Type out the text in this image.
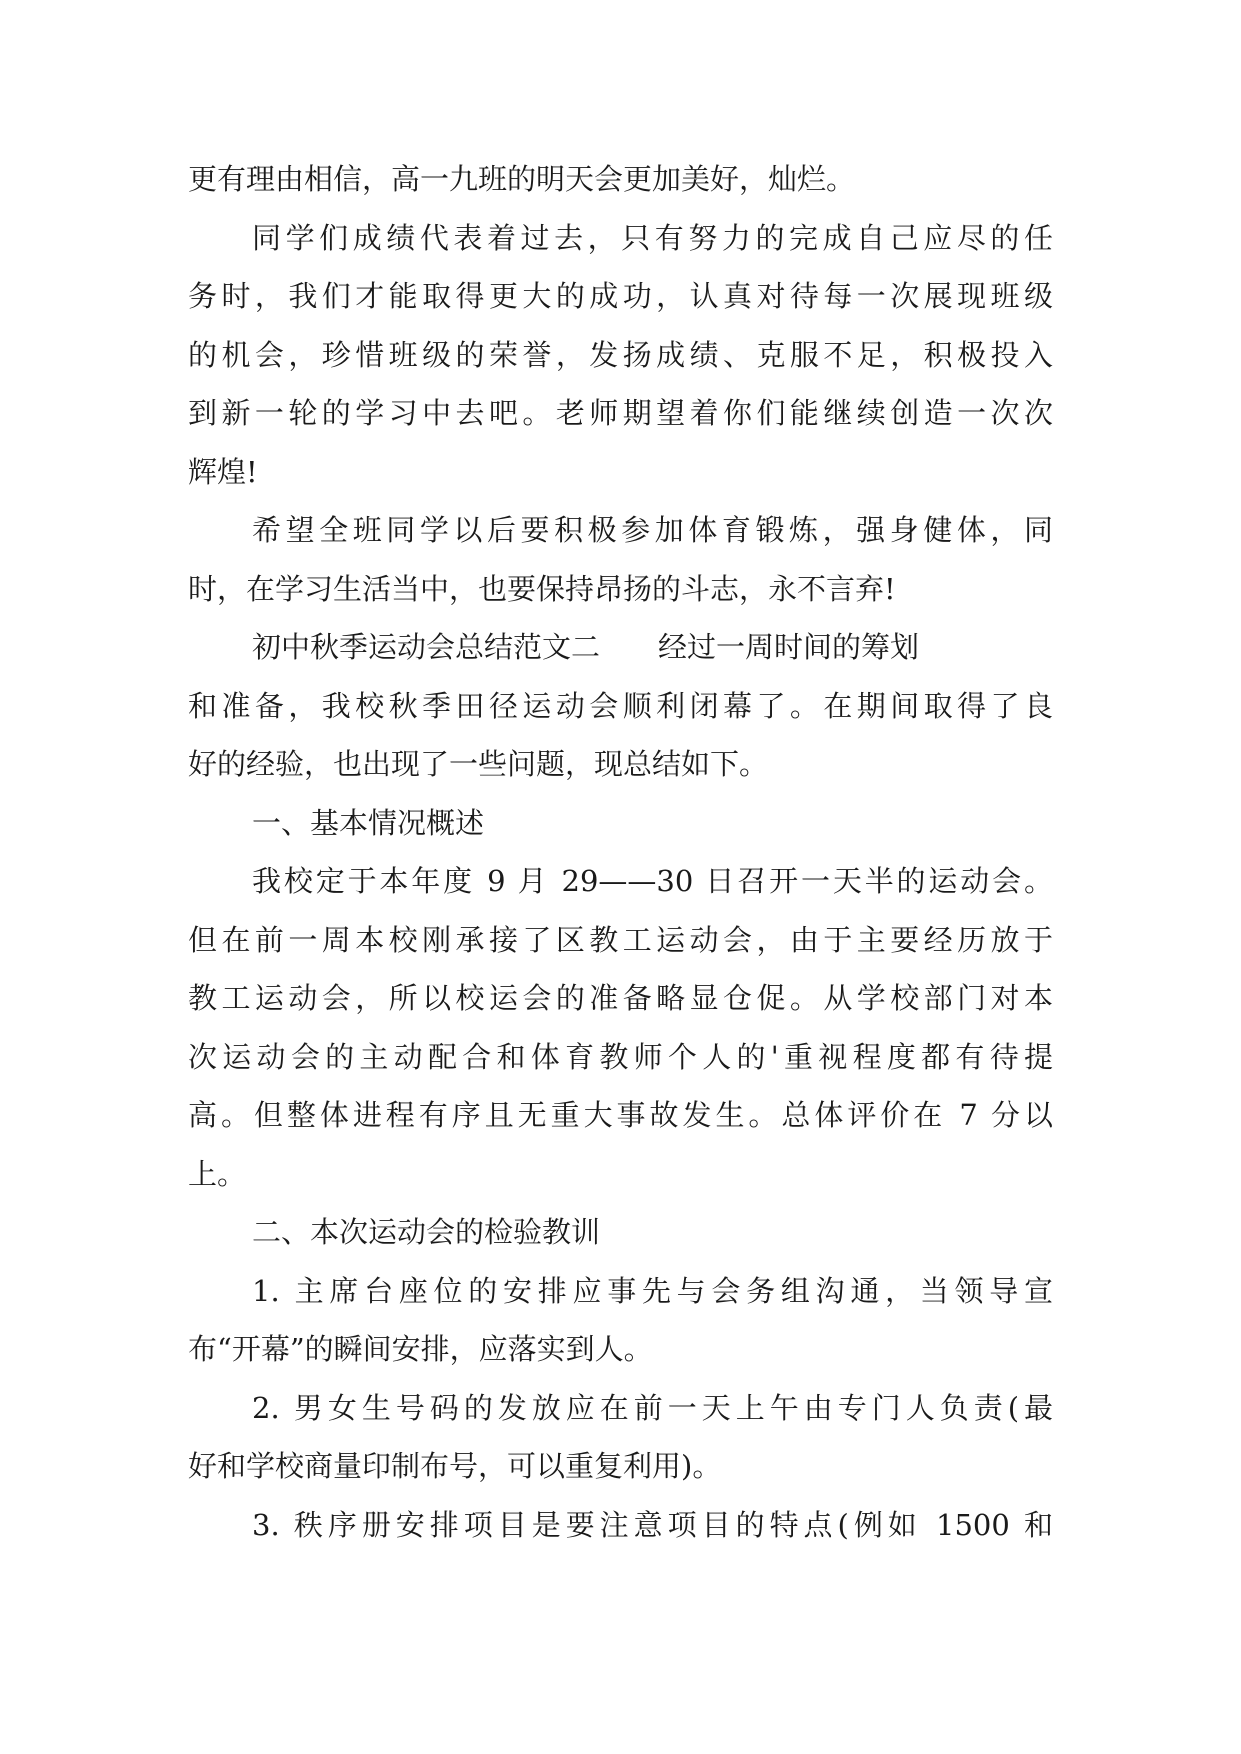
更有理由相信，高一九班的明天会更加美好，灿烂。
同学们成绩代表着过去，只有努力的完成自己应尽的任
务时，我们才能取得更大的成功，认真对待每一次展现班级
的机会，珍惜班级的荣誉，发扬成绩、克服不足，积极投入
到新一轮的学习中去吧。老师期望着你们能继续创造一次次
辉煌!
希望全班同学以后要积极参加体育锻炼，强身健体，同
时，在学习生活当中，也要保持昂扬的斗志，永不言弃!
初中秋季运动会总结范文二　　经过一周时间的筹划
和准备，我校秋季田径运动会顺利闭幕了。在期间取得了良
好的经验，也出现了一些问题，现总结如下。
一、基本情况概述
我校定于本年度 9 月 29——30 日召开一天半的运动会。
但在前一周本校刚承接了区教工运动会，由于主要经历放于
教工运动会，所以校运会的准备略显仓促。从学校部门对本
次运动会的主动配合和体育教师个人的'重视程度都有待提
高。但整体进程有序且无重大事故发生。总体评价在 7 分以
上。
二、本次运动会的检验教训
1. 主席台座位的安排应事先与会务组沟通，当领导宣
布“开幕”的瞬间安排，应落实到人。
2. 男女生号码的发放应在前一天上午由专门人负责(最
好和学校商量印制布号，可以重复利用)。
3. 秩序册安排项目是要注意项目的特点(例如 1500 和
